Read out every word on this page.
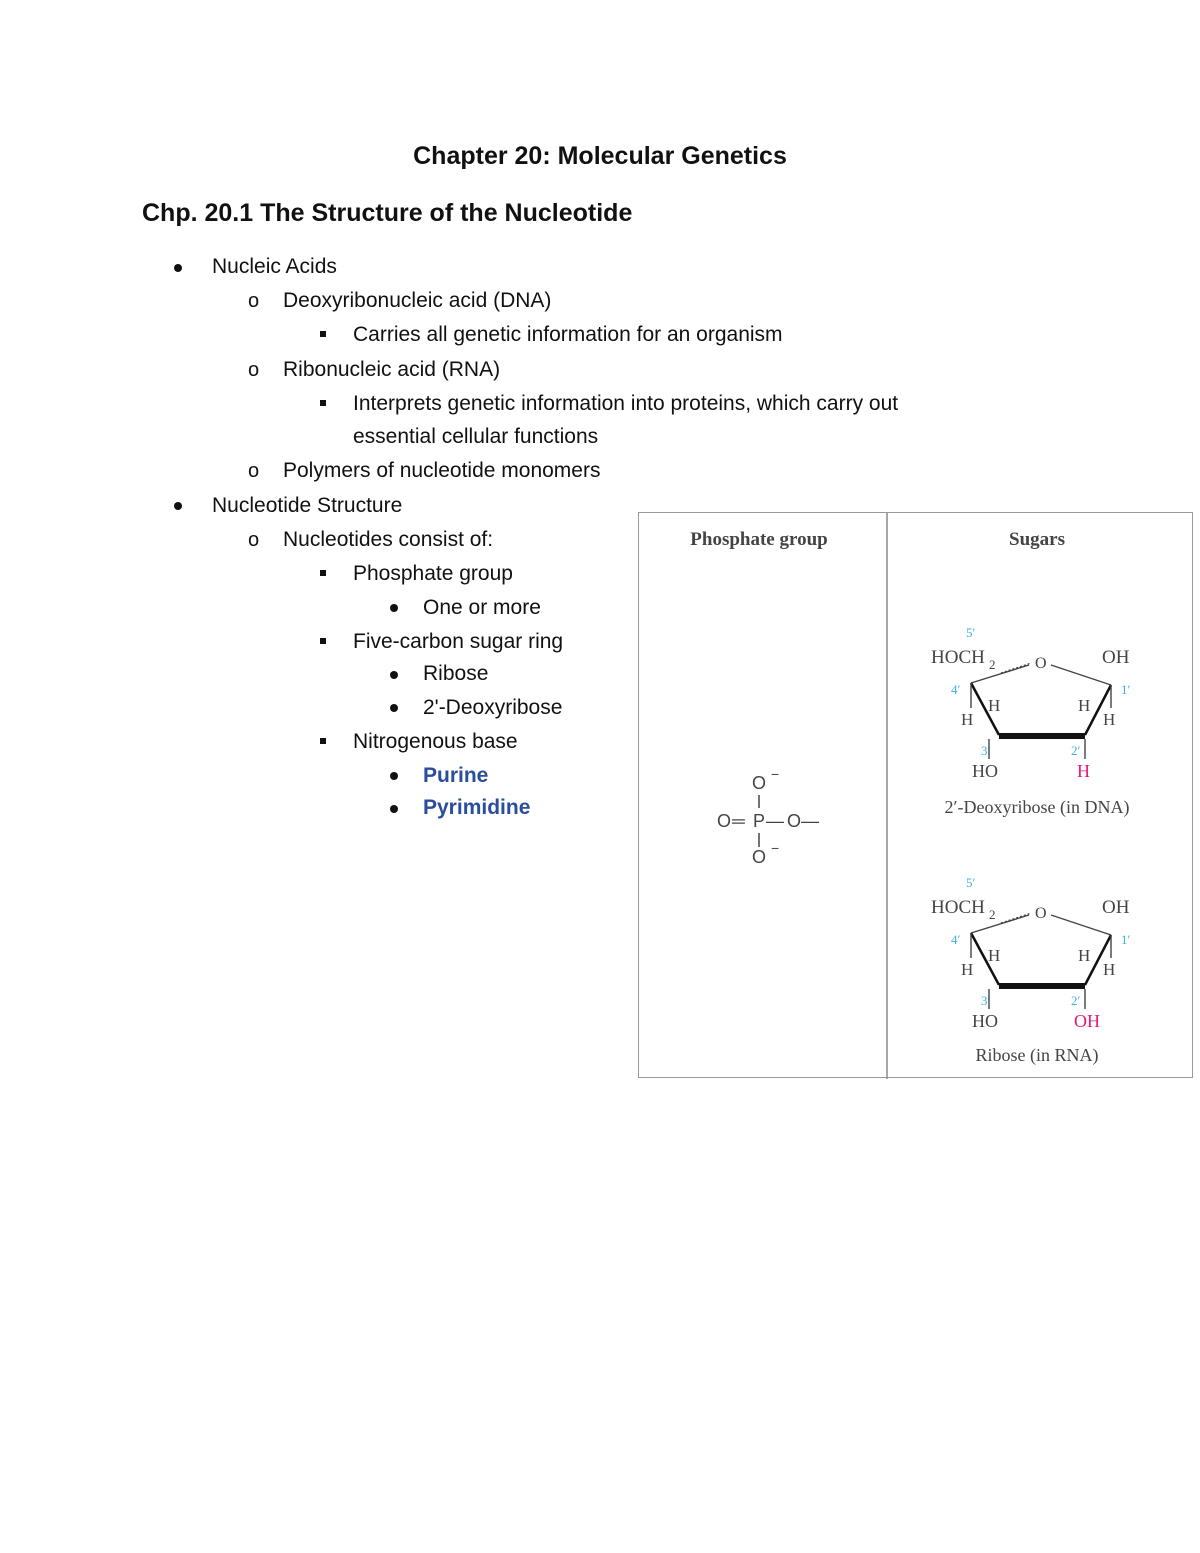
Chapter 20: Molecular Genetics
Chp. 20.1 The Structure of the Nucleotide
Nucleic Acids
o Deoxyribonucleic acid (DNA)
Carries all genetic information for an organism
o Ribonucleic acid (RNA)
Interprets genetic information into proteins, which carry out
essential cellular functions
o Polymers of nucleotide monomers
Nucleotide Structure
o Nucleotides consist of:
Phosphate group
One or more
Five-carbon sugar ring
Ribose
2'-Deoxyribose
Nitrogenous base
Purine
Pyrimidine
Phosphate group	Sugars
O −
O ═ P — O —
O −
5′
HOCH 2 O	OH
4′	1′
H
H
H
H
3′	2′
HO	H
2′-Deoxyribose (in DNA)
5′
HOCH 2 O	OH
4′	1′
H
H
H
H
3′	2′
HO	OH
Ribose (in RNA)
